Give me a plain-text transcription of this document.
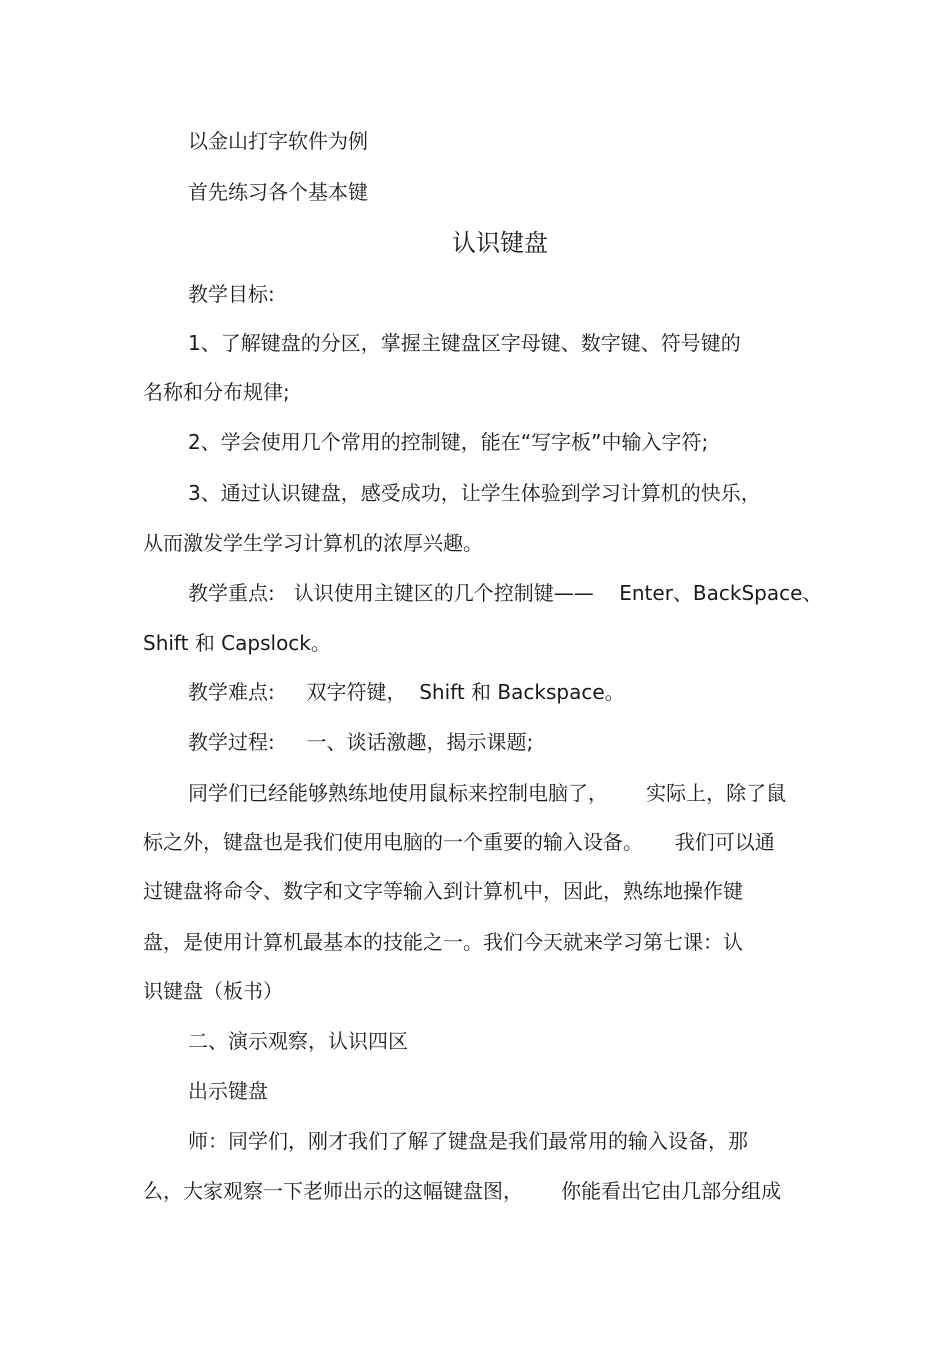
以金山打字软件为例
首先练习各个基本键
认识键盘
教学目标:
1、了解键盘的分区，掌握主键盘区字母键、数字键、符号键的
名称和分布规律;
2、学会使用几个常用的控制键，能在“写字板”中输入字符;
3、通过认识键盘，感受成功，让学生体验到学习计算机的快乐，
从而激发学生学习计算机的浓厚兴趣。
教学重点:   认识使用主键区的几个控制键——    Enter、BackSpace、
Shift 和 Capslock。
教学难点:     双字符键，  Shift 和 Backspace。
教学过程:     一、谈话激趣，揭示课题;
同学们已经能够熟练地使用鼠标来控制电脑了，      实际上，除了鼠
标之外，键盘也是我们使用电脑的一个重要的输入设备。     我们可以通
过键盘将命令、数字和文字等输入到计算机中，因此，熟练地操作键
盘，是使用计算机最基本的技能之一。我们今天就来学习第七课：认
识键盘（板书）
二、演示观察，认识四区
出示键盘
师：同学们，刚才我们了解了键盘是我们最常用的输入设备，那
么，大家观察一下老师出示的这幅键盘图，      你能看出它由几部分组成
